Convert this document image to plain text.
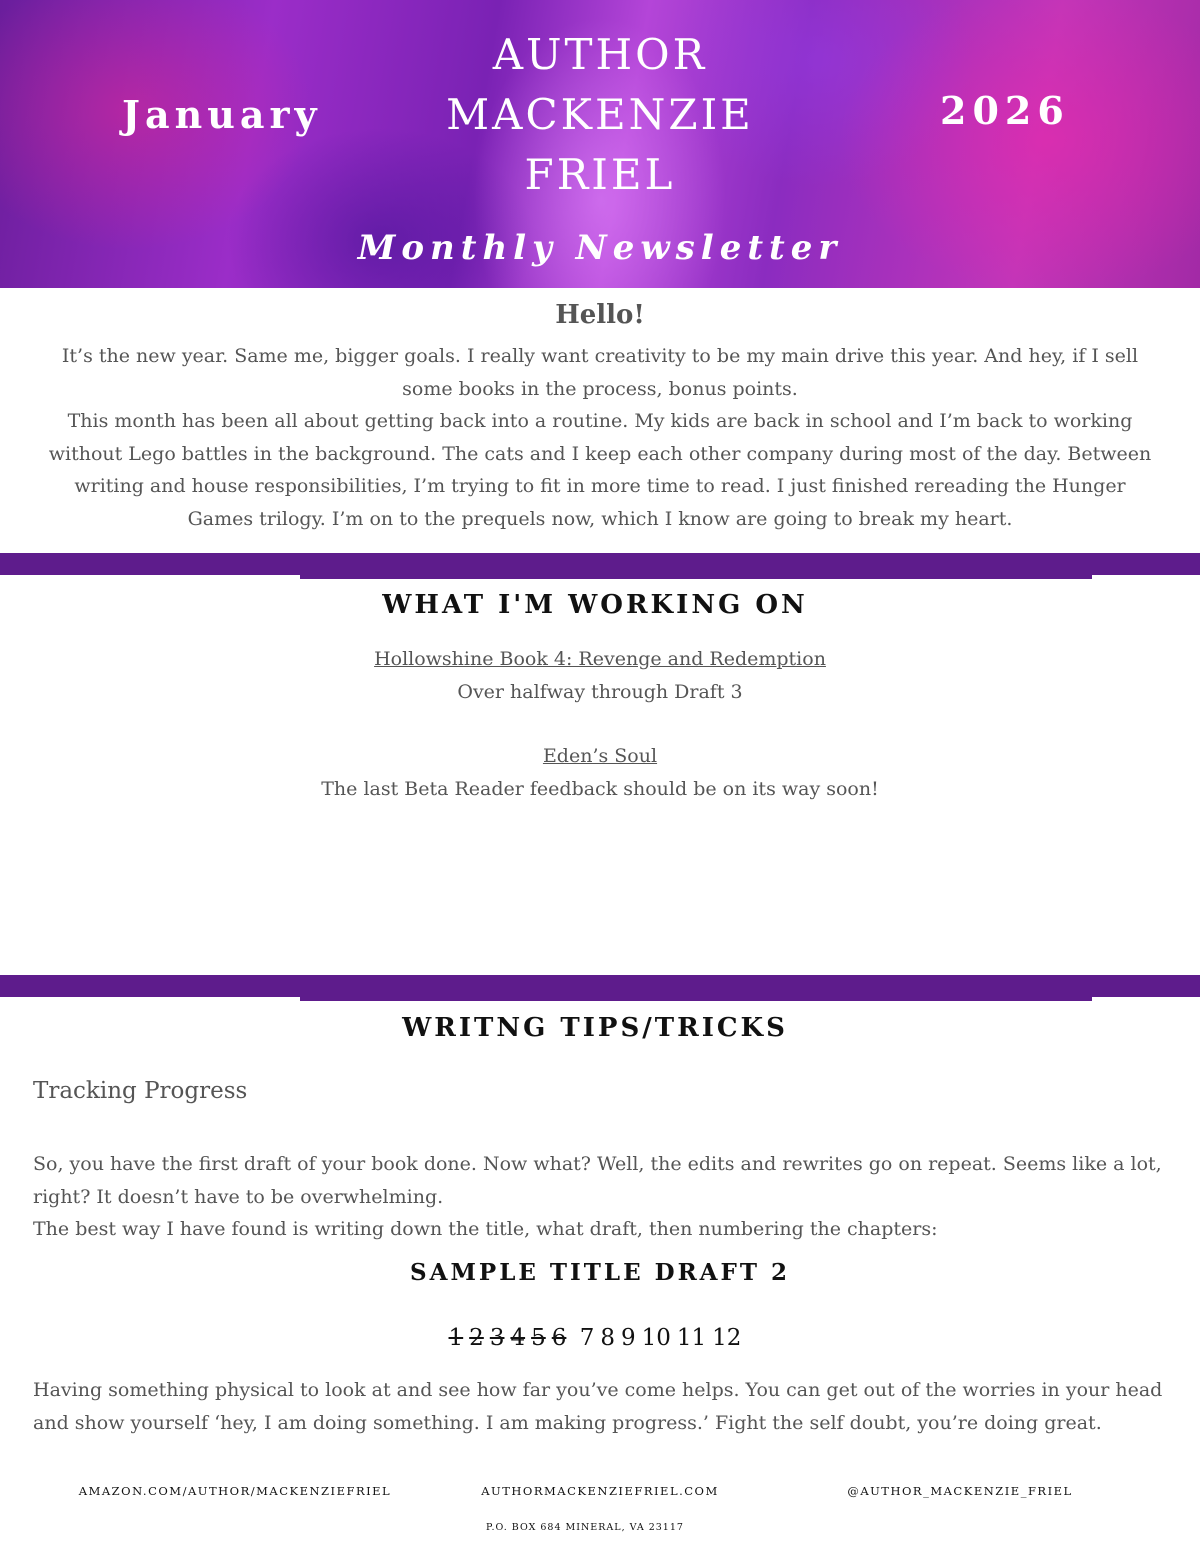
January
AUTHOR
MACKENZIE
FRIEL
2026
Monthly Newsletter
Hello!

It’s the new year. Same me, bigger goals. I really want creativity to be my main drive this year. And hey, if I sell some books in the process, bonus points.

This month has been all about getting back into a routine. My kids are back in school and I’m back to working without Lego battles in the background. The cats and I keep each other company during most of the day. Between writing and house responsibilities, I’m trying to fit in more time to read. I just finished rereading the Hunger Games trilogy. I’m on to the prequels now, which I know are going to break my heart.

WHAT I'M WORKING ON
Hollowshine Book 4: Revenge and Redemption
Over halfway through Draft 3
Eden’s Soul
The last Beta Reader feedback should be on its way soon!
WRITNG TIPS/TRICKS
Tracking Progress

So, you have the first draft of your book done. Now what? Well, the edits and rewrites go on repeat. Seems like a lot, right? It doesn’t have to be overwhelming.

The best way I have found is writing down the title, what draft, then numbering the chapters:

SAMPLE TITLE DRAFT 2
1 2 3 4 5 6 7 8 9 10 11 12
Having something physical to look at and see how far you’ve come helps. You can get out of the worries in your head and show yourself ‘hey, I am doing something. I am making progress.’ Fight the self doubt, you’re doing great.
AMAZON.COM/AUTHOR/MACKENZIEFRIEL	AUTHORMACKENZIEFRIEL.COM	@AUTHOR_MACKENZIE_FRIEL
P.O. BOX 684 MINERAL, VA 23117
